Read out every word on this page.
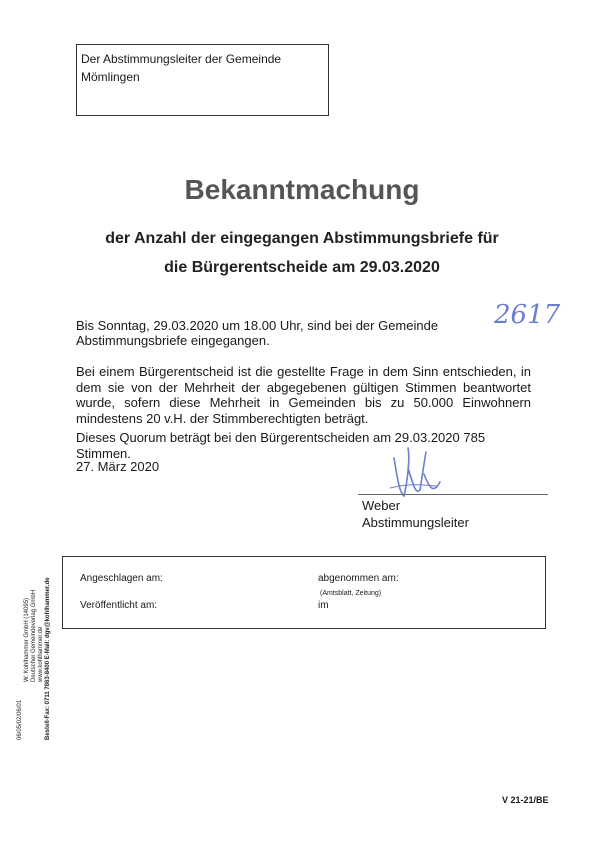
Der Abstimmungsleiter der Gemeinde
Mömlingen
Bekanntmachung
der Anzahl der eingegangen Abstimmungsbriefe für
die Bürgerentscheide am 29.03.2020
Bis Sonntag, 29.03.2020 um 18.00 Uhr, sind bei der Gemeinde	2617
Abstimmungsbriefe eingegangen.
Bei einem Bürgerentscheid ist die gestellte Frage in dem Sinn entschieden, in dem sie von der Mehrheit der abgegebenen gültigen Stimmen beantwortet wurde, sofern diese Mehrheit in Gemeinden bis zu 50.000 Einwohnern mindestens 20 v.H. der Stimmberechtigten beträgt.
Dieses Quorum beträgt bei den Bürgerentscheiden am 29.03.2020 785 Stimmen.
27. März 2020
Weber
Abstimmungsleiter
Angeschlagen am:	abgenommen am:
(Amtsblatt, Zeitung)
Veröffentlicht am:	im
06/05/02/06/01
W. Kohlhammer GmbH (14095) Deutscher Gemeindeverlag GmbH www.kohlhammer.de Bestell-Fax: 0711 7863-8400 E-Mail: dgv@kohlhammer.de
V 21-21/BE
